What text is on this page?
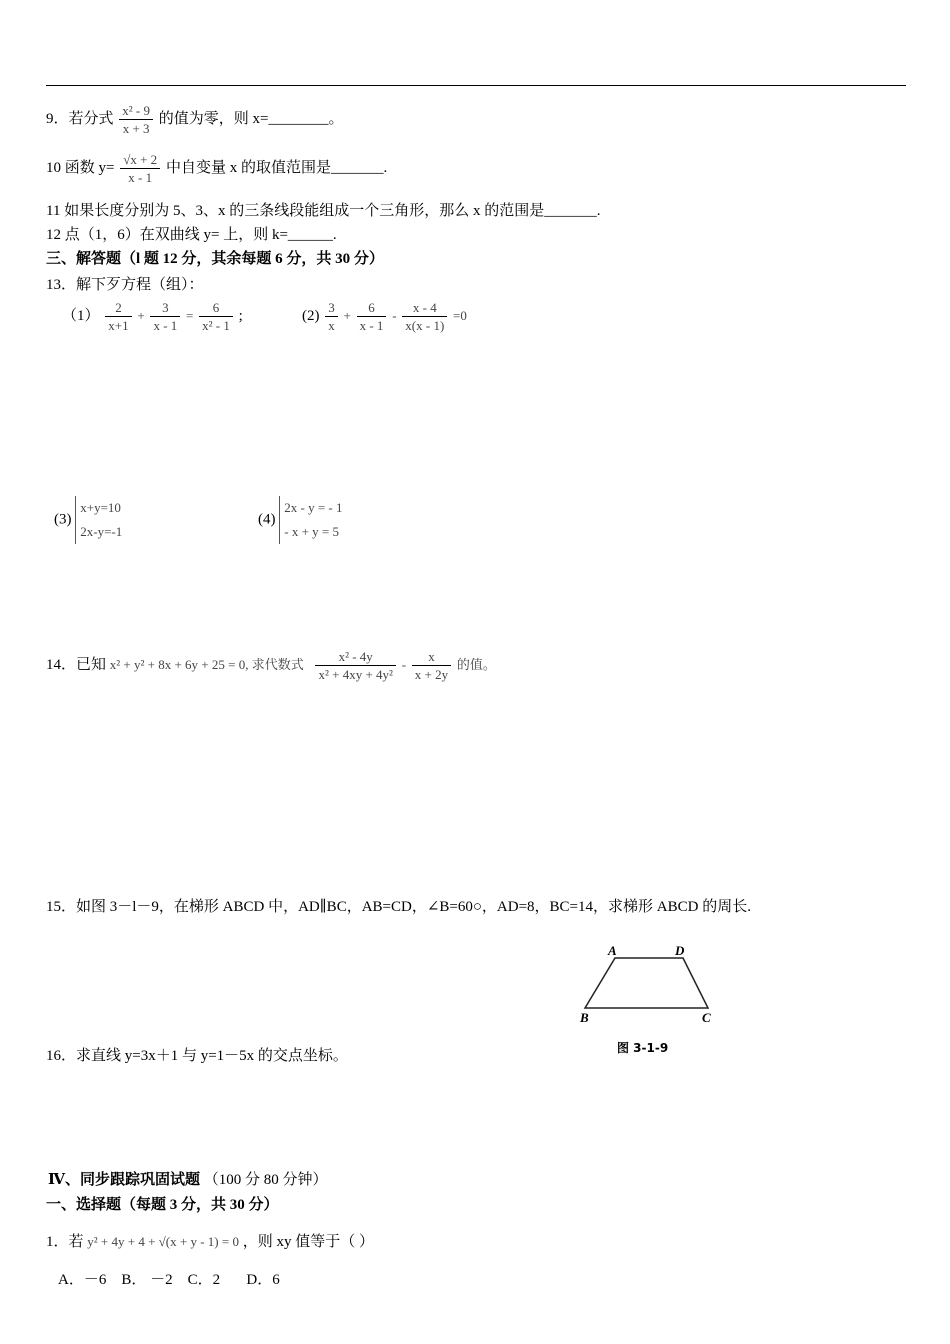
9．若分式 $\frac{\text{x² - 9}}{x + 3}$ 的值为零，则 x=________。
10 函数 $y= \frac{√x + 2}{x - 1}$ 中自变量 x 的取值范围是_______.
11 如果长度分别为 5、3、x 的三条线段能组成一个三角形，那么 x 的范围是_______.
12 点（1，6）在双曲线 y= 上，则 k=______.
三、解答题（l 题 12 分，其余每题 6 分，共 30 分）
13．解下歹方程（组）：
$(1) \frac{2}{x+1} + \frac{3}{x - 1} = \frac{6}{\text{x² - 1}}$ ;	$(2) \frac{3}{x} + \frac{6}{x - 1} - \frac{x - 4}{x(x - 1)} =0$
(3)
x+y=10
2x-y=-1
(4)
2x - y = - 1
- x + y = 5
14．已知 x² + y² + 8x + 6y + 25 = 0, 求代数式 $\frac{\text{x² - 4y}}{\text{x² + 4xy + 4y²}} - \frac{x}{x + 2y}$ 的值。
15．如图 3－l－9，在梯形 ABCD 中，AD∥BC，AB=CD，∠B=60○，AD=8，BC=14，求梯形 ABCD 的周长.
A	D
B	C
图 3-1-9
16．求直线 y=3x＋1 与 y=1－5x 的交点坐标。
Ⅳ、同步跟踪巩固试题 （100 分 80 分钟）
一、选择题（每题 3 分，共 30 分）
1．若 y² + 4y + 4 + √(x + y - 1) = 0 ，则 xy 值等于（ ）
A．－6 B． －2 C．2 D．6
